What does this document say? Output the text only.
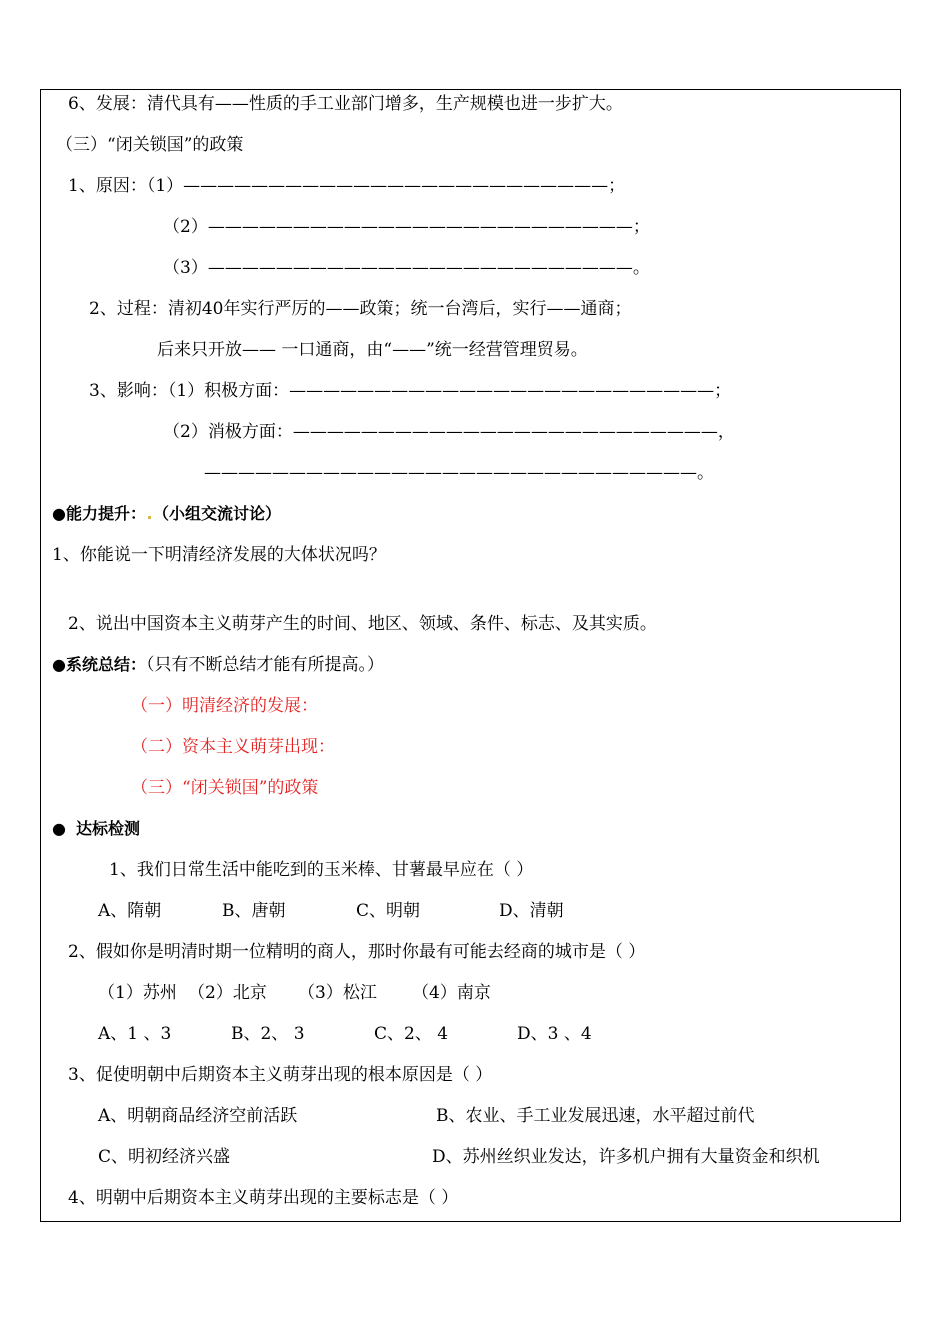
6、发展：清代具有——性质的手工业部门增多，生产规模也进一步扩大。
（三）“闭关锁国”的政策
1、原因：（1）—————————————————————————；
（2）—————————————————————————；
（3）—————————————————————————。
2、过程：清初40年实行严厉的——政策；统一台湾后，实行——通商；
后来只开放—— 一口通商，由“——”统一经营管理贸易。
3、影响：（1）积极方面：—————————————————————————；
（2）消极方面：—————————————————————————，
—————————————————————————————。
●能力提升： （小组交流讨论）
1、你能说一下明清经济发展的大体状况吗？
2、说出中国资本主义萌芽产生的时间、地区、领域、条件、标志、及其实质。
●系统总结：（只有不断总结才能有所提高。）
（一）明清经济的发展：
（二）资本主义萌芽出现：
（三）“闭关锁国”的政策
● 达标检测
1、我们日常生活中能吃到的玉米棒、甘薯最早应在（ ）
A、隋朝	B、唐朝	C、明朝	D、清朝
2、假如你是明清时期一位精明的商人，那时你最有可能去经商的城市是（ ）
（1）苏州 （2）北京 （3）松江 （4）南京
A、1 、3	B、2、 3	C、2、 4	D、3 、4
3、促使明朝中后期资本主义萌芽出现的根本原因是（ ）
A、明朝商品经济空前活跃	B、农业、手工业发展迅速，水平超过前代
C、明初经济兴盛	D、苏州丝织业发达，许多机户拥有大量资金和织机
4、明朝中后期资本主义萌芽出现的主要标志是（ ）
